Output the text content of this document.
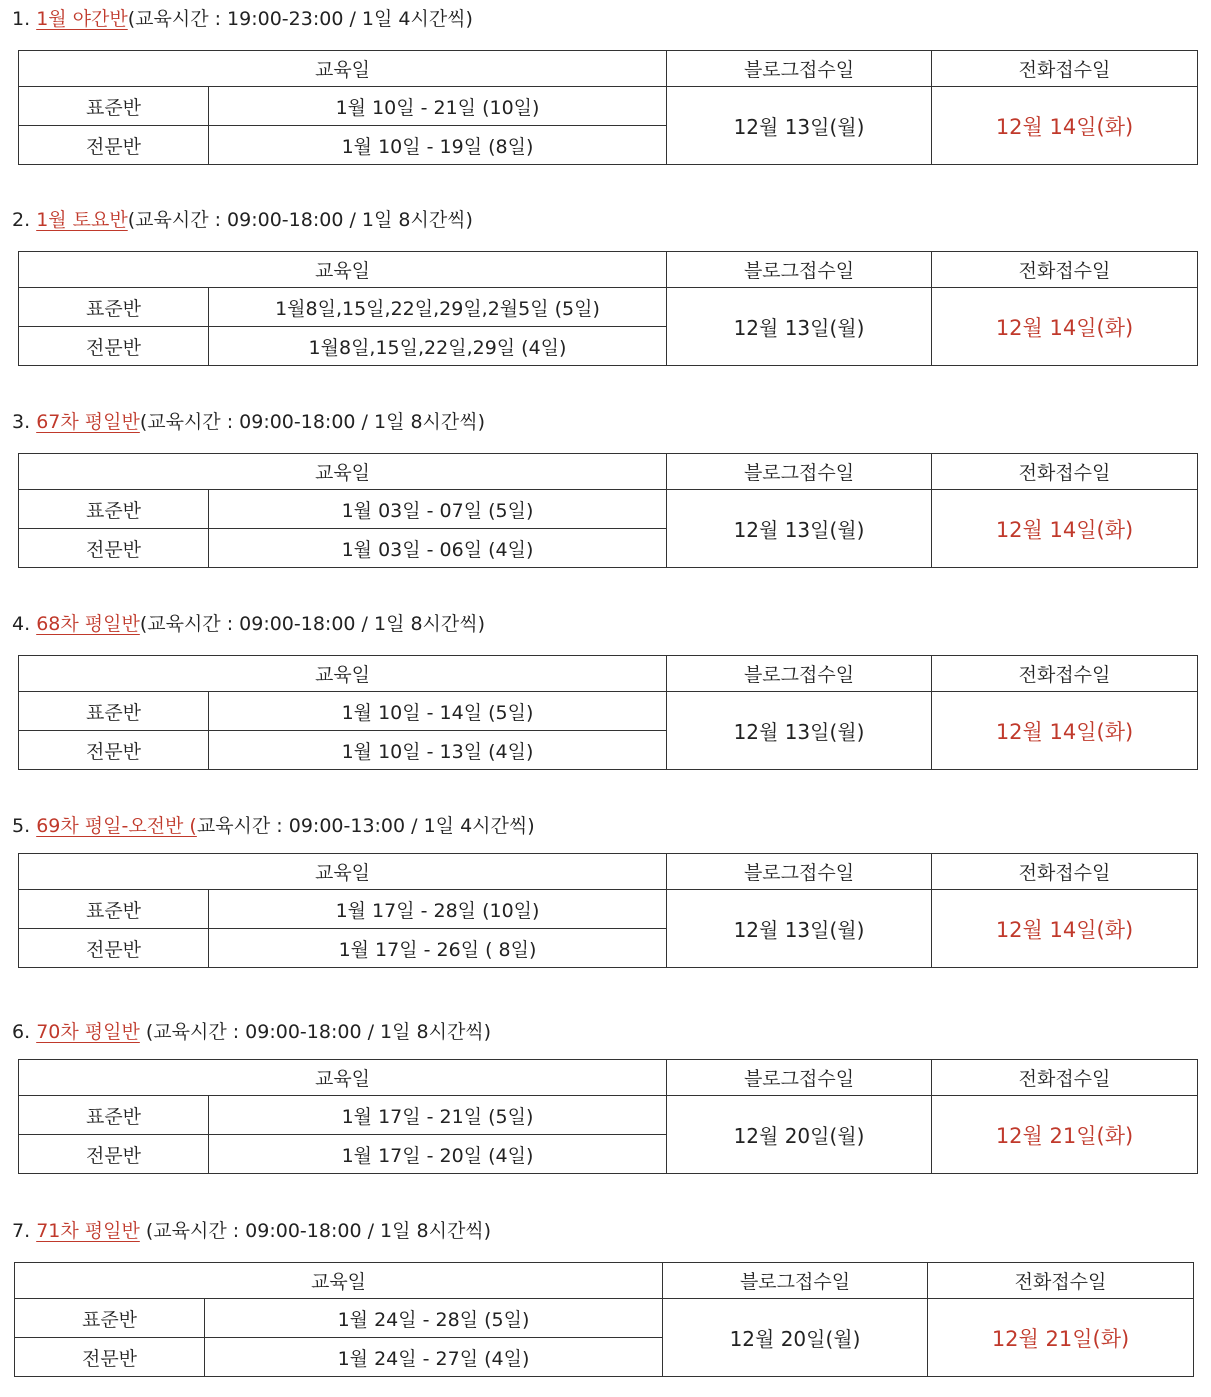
1. 1월 야간반(교육시간 : 19:00-23:00 / 1일 4시간씩)
교육일		블로그접수일	전화접수일
표준반	1월 10일 - 21일 (10일)	12월 13일(월)	12월 14일(화)
전문반	1월 10일 - 19일 (8일)		
2. 1월 토요반(교육시간 : 09:00-18:00 / 1일 8시간씩)
교육일		블로그접수일	전화접수일
표준반	1월8일,15일,22일,29일,2월5일 (5일)	12월 13일(월)	12월 14일(화)
전문반	1월8일,15일,22일,29일 (4일)		
3. 67차 평일반(교육시간 : 09:00-18:00 / 1일 8시간씩)
교육일		블로그접수일	전화접수일
표준반	1월 03일 - 07일 (5일)	12월 13일(월)	12월 14일(화)
전문반	1월 03일 - 06일 (4일)		
4. 68차 평일반(교육시간 : 09:00-18:00 / 1일 8시간씩)
교육일		블로그접수일	전화접수일
표준반	1월 10일 - 14일 (5일)	12월 13일(월)	12월 14일(화)
전문반	1월 10일 - 13일 (4일)		
5. 69차 평일-오전반 (교육시간 : 09:00-13:00 / 1일 4시간씩)
교육일		블로그접수일	전화접수일
표준반	1월 17일 - 28일 (10일)	12월 13일(월)	12월 14일(화)
전문반	1월 17일 - 26일 ( 8일)		
6. 70차 평일반 (교육시간 : 09:00-18:00 / 1일 8시간씩)
교육일		블로그접수일	전화접수일
표준반	1월 17일 - 21일 (5일)	12월 20일(월)	12월 21일(화)
전문반	1월 17일 - 20일 (4일)		
7. 71차 평일반 (교육시간 : 09:00-18:00 / 1일 8시간씩)
교육일		블로그접수일	전화접수일
표준반	1월 24일 - 28일 (5일)	12월 20일(월)	12월 21일(화)
전문반	1월 24일 - 27일 (4일)		
